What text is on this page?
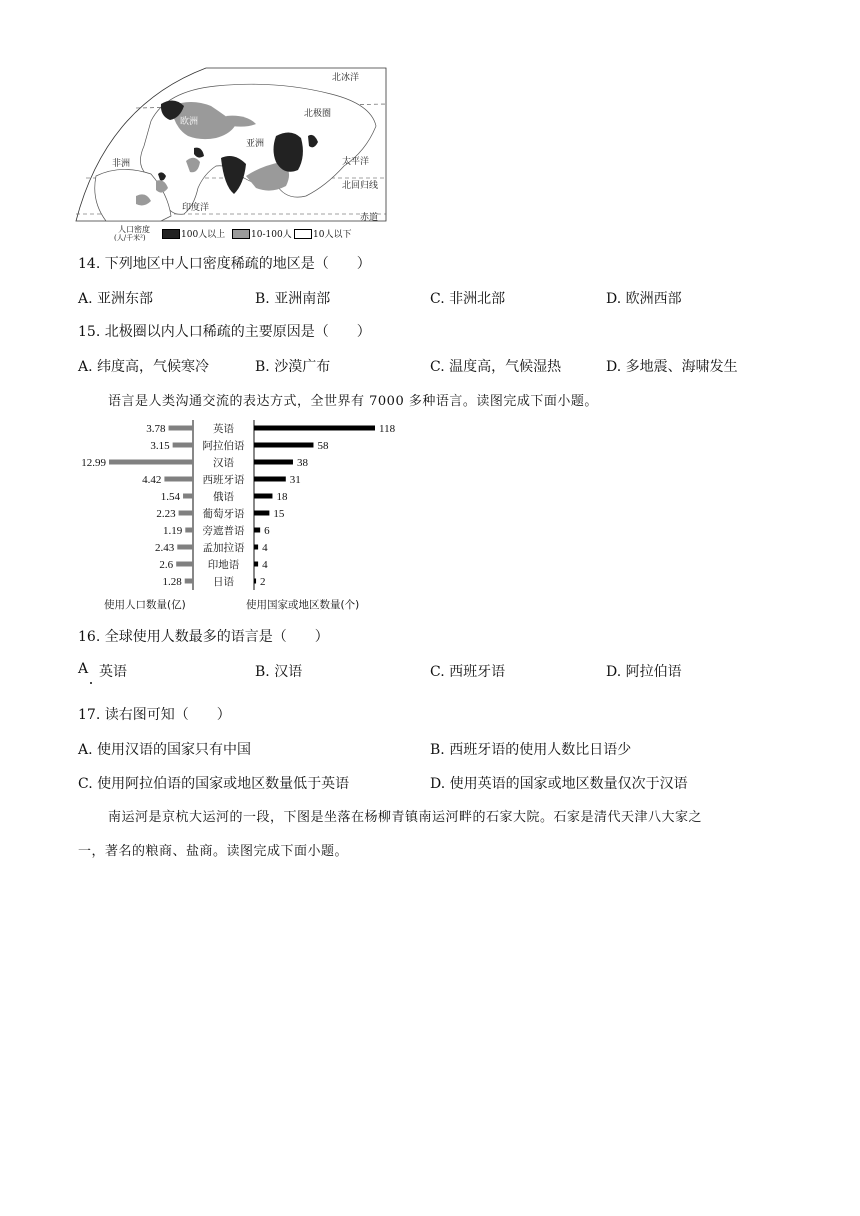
北冰洋
北极圈
欧洲
亚洲
非洲	太平洋
北回归线
印度洋
赤道
人口密度
(人/千米²)	100人以上	10-100人 10人以下
14. 下列地区中人口密度稀疏的地区是（　　）
A. 亚洲东部	B. 亚洲南部	C. 非洲北部	D. 欧洲西部
15. 北极圈以内人口稀疏的主要原因是（　　）
A. 纬度高，气候寒冷	B. 沙漠广布	C. 温度高，气候湿热	D. 多地震、海啸发生
语言是人类沟通交流的表达方式，全世界有 7000 多种语言。读图完成下面小题。
3.78	118
英语
3.15	58
阿拉伯语
12.99	38
汉语
4.42	31
西班牙语
1.54	18
俄语
2.23	15
葡萄牙语
1.19	6
旁遮普语
2.43	4
孟加拉语
2.6	4
印地语
1.28	2
日语
使用人口数量(亿)	使用国家或地区数量(个)
16. 全球使用人数最多的语言是（　　）
A 英语	B. 汉语	C. 西班牙语	D. 阿拉伯语
17. 读右图可知（　　）
A. 使用汉语的国家只有中国	B. 西班牙语的使用人数比日语少
C. 使用阿拉伯语的国家或地区数量低于英语	D. 使用英语的国家或地区数量仅次于汉语
南运河是京杭大运河的一段，下图是坐落在杨柳青镇南运河畔的石家大院。石家是清代天津八大家之
一，著名的粮商、盐商。读图完成下面小题。
